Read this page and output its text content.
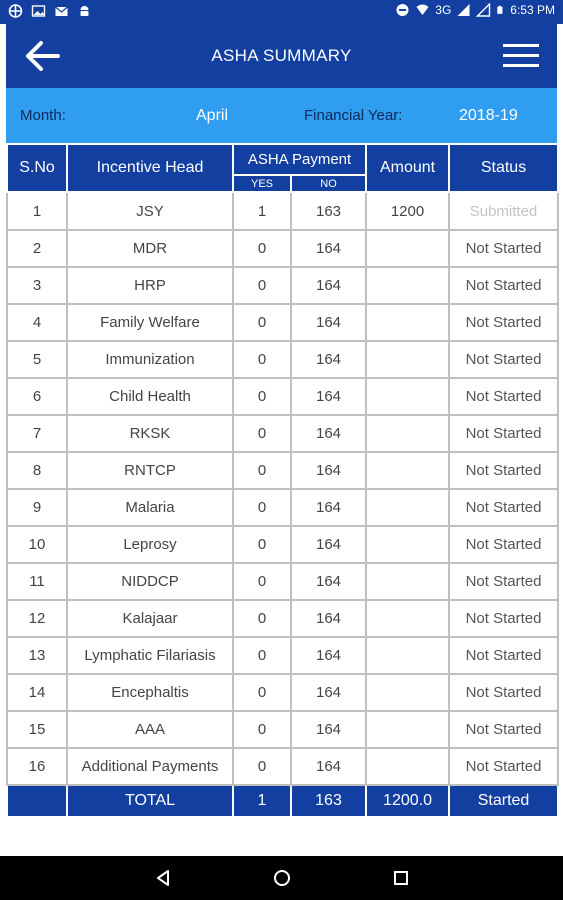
3G	6:53 PM
ASHA SUMMARY
Month:	April	Financial Year:	2018-19
S.No	Incentive Head	ASHA Payment		Amount	Status
		YES	NO		
1	JSY	1	163	1200	Submitted
2	MDR	0	164		Not Started
3	HRP	0	164		Not Started
4	Family Welfare	0	164		Not Started
5	Immunization	0	164		Not Started
6	Child Health	0	164		Not Started
7	RKSK	0	164		Not Started
8	RNTCP	0	164		Not Started
9	Malaria	0	164		Not Started
10	Leprosy	0	164		Not Started
11	NIDDCP	0	164		Not Started
12	Kalajaar	0	164		Not Started
13	Lymphatic Filariasis	0	164		Not Started
14	Encephaltis	0	164		Not Started
15	AAA	0	164		Not Started
16	Additional Payments	0	164		Not Started
	TOTAL	1	163	1200.0	Started
